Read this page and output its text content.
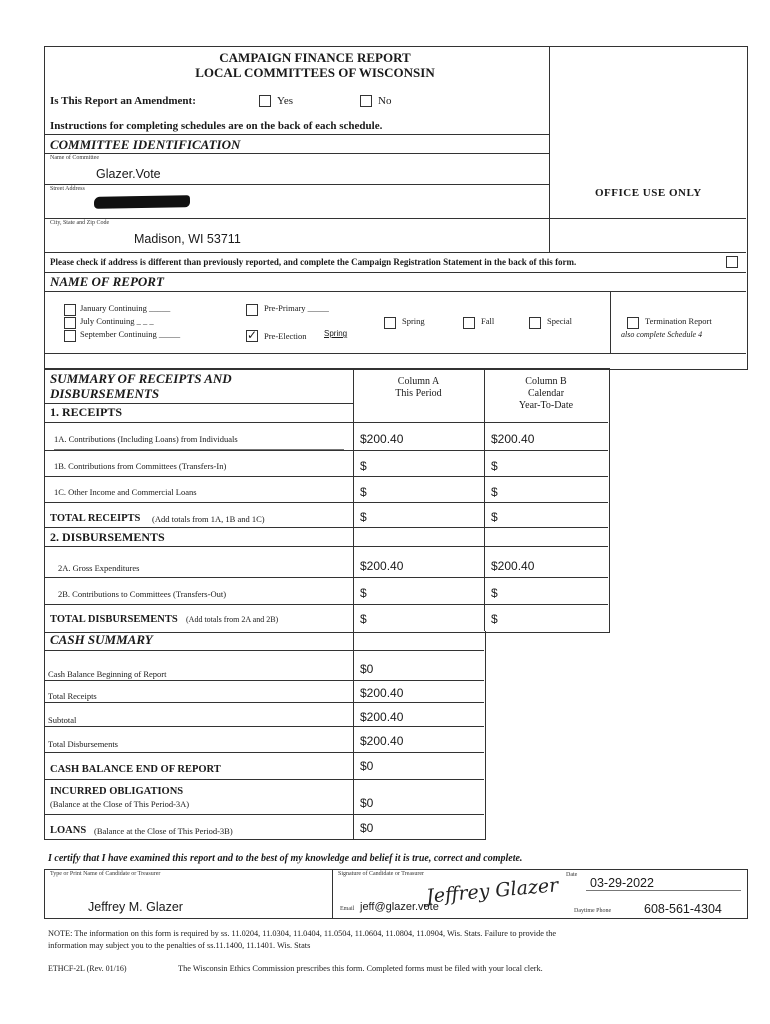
CAMPAIGN FINANCE REPORT
LOCAL COMMITTEES OF WISCONSIN
OFFICE USE ONLY
Is This Report an Amendment:	Yes	No
Instructions for completing schedules are on the back of each schedule.
COMMITTEE IDENTIFICATION
Name of Committee
Glazer.Vote
Street Address
City, State and Zip Code
Madison, WI 53711
Please check if address is different than previously reported, and complete the Campaign Registration Statement in the back of this form.
NAME OF REPORT
January Continuing _____
July Continuing _ _ _
September Continuing _____
Pre-Primary _____
✓ Pre-Election Spring
Spring	Fall	Special	Termination Report
also complete Schedule 4
SUMMARY OF RECEIPTS AND
DISBURSEMENTS
1. RECEIPTS
Column A
This Period
Column B
Calendar
Year-To-Date
1A. Contributions (Including Loans) from Individuals	$200.40	$200.40
1B. Contributions from Committees (Transfers-In)	$	$
1C. Other Income and Commercial Loans	$	$
TOTAL RECEIPTS (Add totals from 1A, 1B and 1C)	$	$
2. DISBURSEMENTS
2A. Gross Expenditures	$200.40	$200.40
2B. Contributions to Committees (Transfers-Out)	$	$
TOTAL DISBURSEMENTS (Add totals from 2A and 2B)	$	$
CASH SUMMARY
Cash Balance Beginning of Report	$0
Total Receipts	$200.40
Subtotal	$200.40
Total Disbursements	$200.40
CASH BALANCE END OF REPORT	$0
INCURRED OBLIGATIONS
(Balance at the Close of This Period-3A)	$0
LOANS (Balance at the Close of This Period-3B)	$0
I certify that I have examined this report and to the best of my knowledge and belief it is true, correct and complete.
Type or Print Name of Candidate or Treasurer
Jeffrey M. Glazer
Signature of Candidate or Treasurer
Jeffrey Glazer
Email jeff@glazer.vote
Date
03-29-2022
Daytime Phone	608-561-4304
NOTE: The information on this form is required by ss. 11.0204, 11.0304, 11.0404, 11.0504, 11.0604, 11.0804, 11.0904, Wis. Stats. Failure to provide the
information may subject you to the penalties of ss.11.1400, 11.1401. Wis. Stats
ETHCF-2L (Rev. 01/16)	The Wisconsin Ethics Commission prescribes this form. Completed forms must be filed with your local clerk.
